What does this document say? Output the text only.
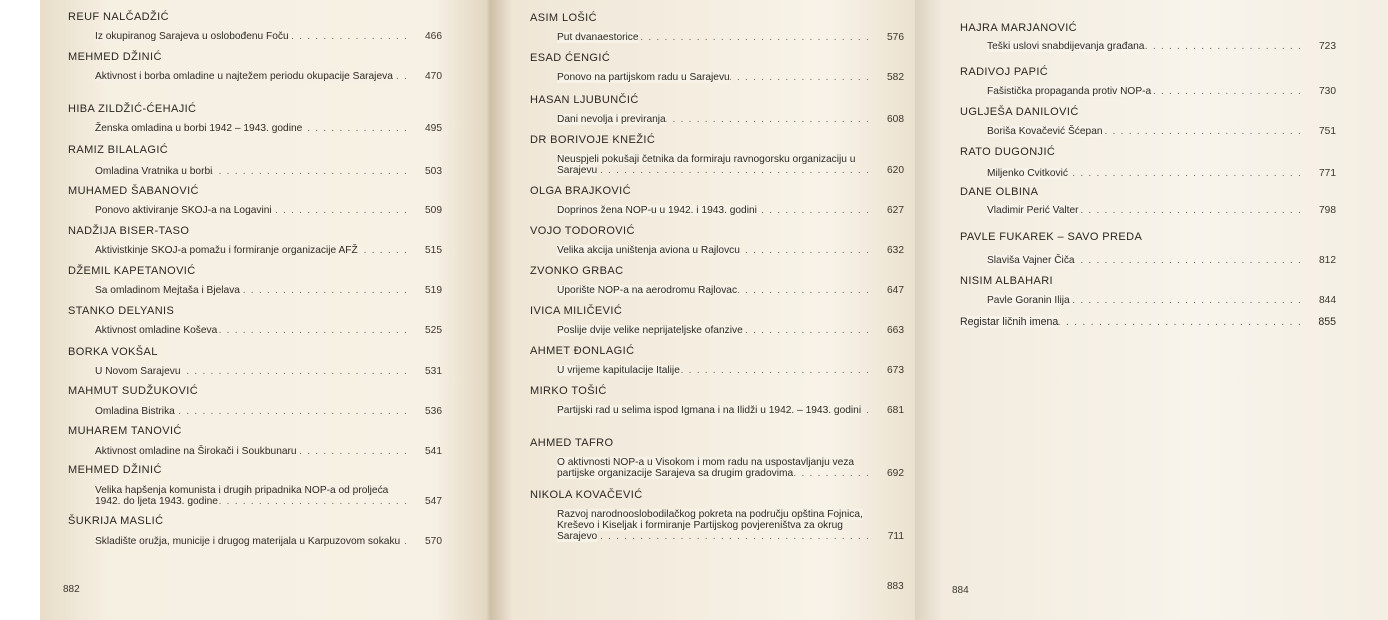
REUF NALČADŽIĆ
. . .
Iz okupiranog Sarajeva u oslobođenu Foču	466
MEHMED DŽINIĆ
. . .
Aktivnost i borba omladine u najtežem periodu okupacije Sarajeva	470
HIBA ZILDŽIĆ-ĆEHAJIĆ
. . .
Ženska omladina u borbi 1942 – 1943. godine	495
RAMIZ BILALAGIĆ
. . .
Omladina Vratnika u borbi	503
MUHAMED ŠABANOVIĆ
. . .
Ponovo aktiviranje SKOJ-a na Logavini	509
NADŽIJA BISER-TASO
. . .
Aktivistkinje SKOJ-a pomažu i formiranje organizacije AFŽ	515
DŽEMIL KAPETANOVIĆ
. . .
Sa omladinom Mejtaša i Bjelava	519
STANKO DELYANIS
. . .
Aktivnost omladine Koševa	525
BORKA VOKŠAL
. . .
U Novom Sarajevu	531
MAHMUT SUDŽUKOVIĆ
. . .
Omladina Bistrika	536
MUHAREM TANOVIĆ
. . .
Aktivnost omladine na Širokači i Soukbunaru	541
MEHMED DŽINIĆ
. . .
Velika hapšenja komunista i drugih pripadnika NOP-a od proljeća 1942. do ljeta 1943. godine	547
ŠUKRIJA MASLIĆ
. . .
Skladište oružja, municije i drugog materijala u Karpuzovom sokaku 570
882
ASIM LOŠIĆ
. . .
Put dvanaestorice	576
ESAD ĆENGIĆ
. . .
Ponovo na partijskom radu u Sarajevu	582
HASAN LJUBUNČIĆ
. . .
Dani nevolja i previranja	608
DR BORIVOJE KNEŽIĆ
. . .
Neuspjeli pokušaji četnika da formiraju ravnogorsku organizaciju u Sarajevu	620
OLGA BRAJKOVIĆ
. . .
Doprinos žena NOP-u u 1942. i 1943. godini	627
VOJO TODOROVIĆ
. . .
Velika akcija uništenja aviona u Rajlovcu	632
ZVONKO GRBAC
. . .
Uporište NOP-a na aerodromu Rajlovac	647
IVICA MILIČEVIĆ
. . .
Poslije dvije velike neprijateljske ofanzive	663
AHMET ĐONLAGIĆ
. . .
U vrijeme kapitulacije Italije	673
MIRKO TOŠIĆ
. . .
Partijski rad u selima ispod Igmana i na Ilidži u 1942. – 1943. godini	681
AHMED TAFRO
. . .
O aktivnosti NOP-a u Visokom i mom radu na uspostavljanju veza partijske organizacije Sarajeva sa drugim gradovima	692
NIKOLA KOVAČEVIĆ
. . .
Razvoj narodnooslobodilačkog pokreta na području opština Fojnica, Kreševo i Kiseljak i formiranje Partijskog povjereništva za okrug Sarajevo	711
883
HAJRA MARJANOVIĆ
. . .
Teški uslovi snabdijevanja građana	723
RADIVOJ PAPIĆ
. . .
Fašistička propaganda protiv NOP-a	730
UGLJEŠA DANILOVIĆ
. . .
Boriša Kovačević Šćepan	751
RATO DUGONJIĆ
. . .
Miljenko Cvitković	771
DANE OLBINA
. . .
Vladimir Perić Valter	798
PAVLE FUKAREK – SAVO PREDA
. . .
Slaviša Vajner Čiča	812
NISIM ALBAHARI
. . .
Pavle Goranin Ilija	844
. . .
Registar ličnih imena	855
884
